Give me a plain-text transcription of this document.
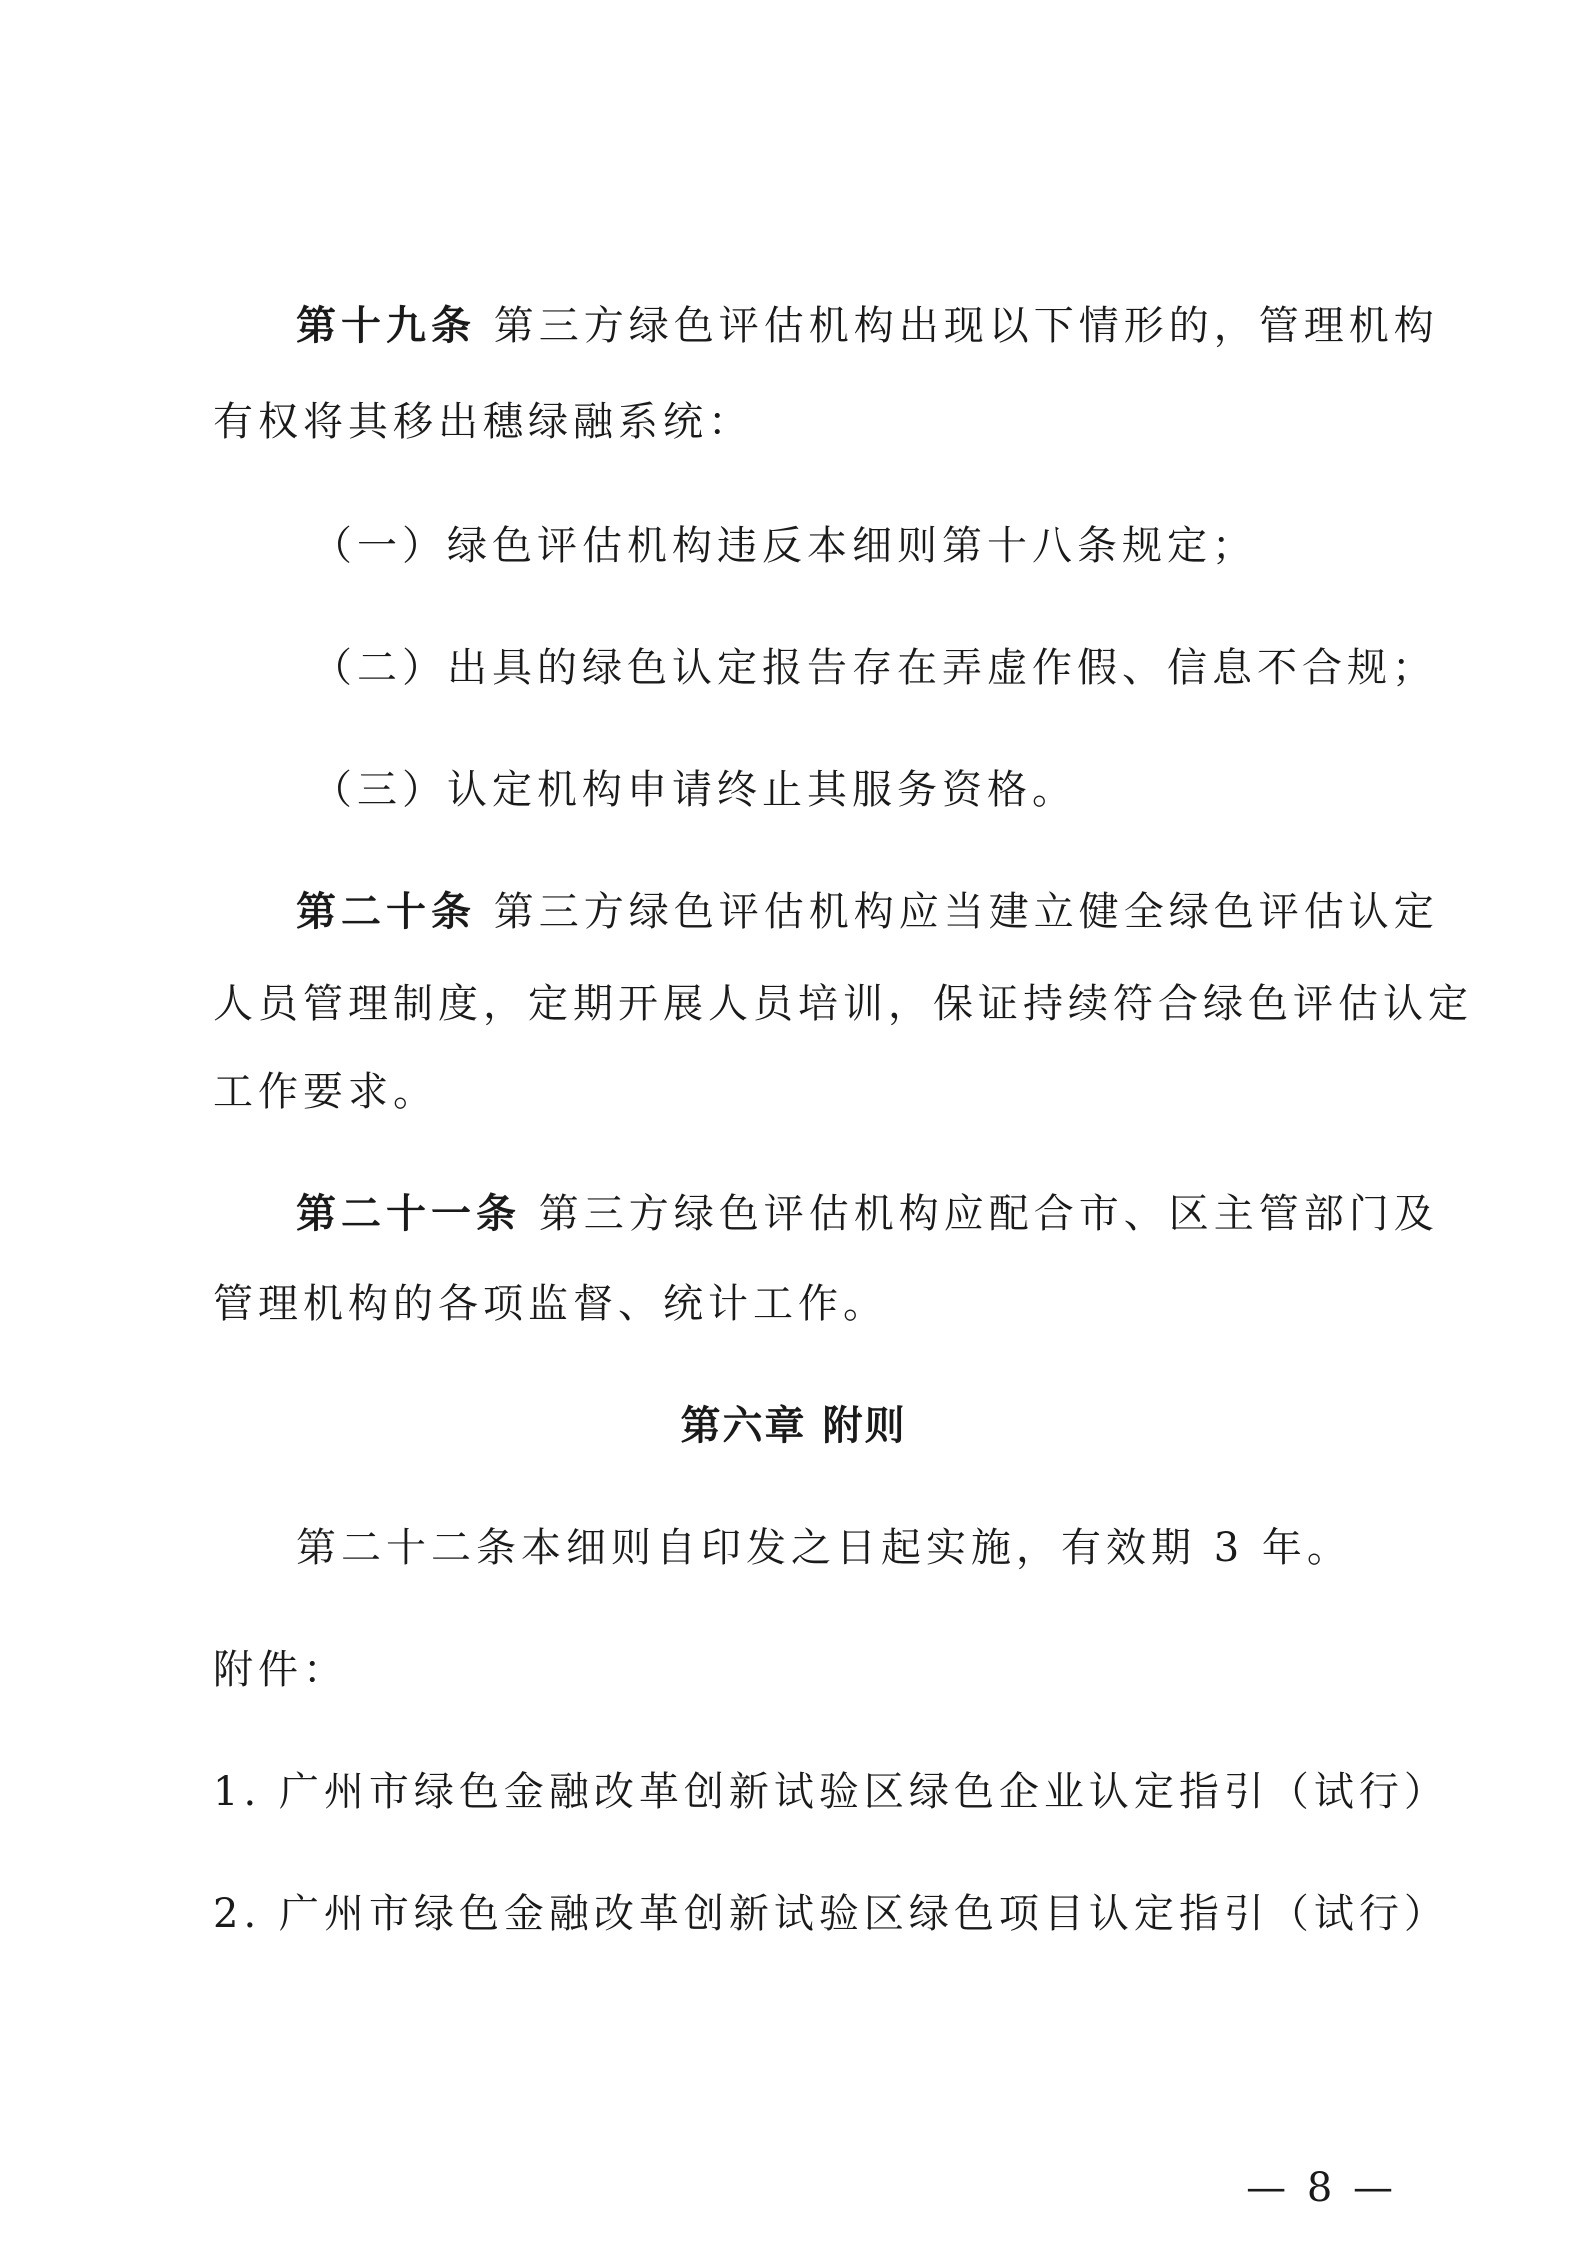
第十九条 第三方绿色评估机构出现以下情形的，管理机构
有权将其移出穗绿融系统：
（一）绿色评估机构违反本细则第十八条规定；
（二）出具的绿色认定报告存在弄虚作假、信息不合规；
（三）认定机构申请终止其服务资格。
第二十条 第三方绿色评估机构应当建立健全绿色评估认定
人员管理制度，定期开展人员培训，保证持续符合绿色评估认定
工作要求。
第二十一条 第三方绿色评估机构应配合市、区主管部门及
管理机构的各项监督、统计工作。
第六章 附则
第二十二条本细则自印发之日起实施，有效期 3 年。
附件：
1. 广州市绿色金融改革创新试验区绿色企业认定指引（试行）
2. 广州市绿色金融改革创新试验区绿色项目认定指引（试行）
— 8 —
